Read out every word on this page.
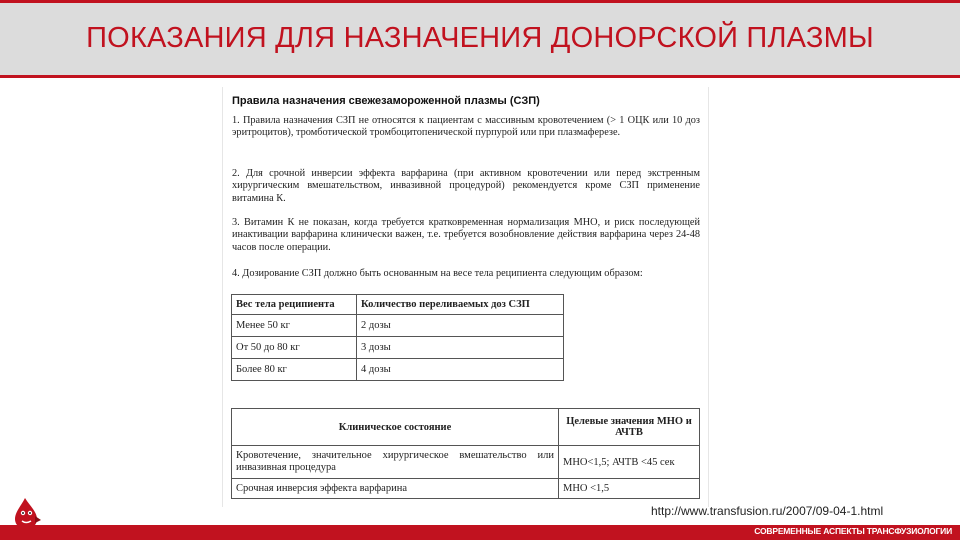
ПОКАЗАНИЯ ДЛЯ НАЗНАЧЕНИЯ ДОНОРСКОЙ ПЛАЗМЫ
Правила назначения свежезамороженной плазмы (СЗП)
1. Правила назначения СЗП не относятся к пациентам с массивным кровотечением (> 1 ОЦК или 10 доз эритроцитов), тромботической тромбоцитопенической пурпурой или при плазмаферезе.
2. Для срочной инверсии эффекта варфарина (при активном кровотечении или перед экстренным хирургическим вмешательством, инвазивной процедурой) рекомендуется кроме СЗП применение витамина К.
3. Витамин К не показан, когда требуется кратковременная нормализация МНО, и риск последующей инактивации варфарина клинически важен, т.е. требуется возобновление действия варфарина через 24-48 часов после операции.
4. Дозирование СЗП должно быть основанным на весе тела реципиента следующим образом:
Вес тела реципиента	Количество переливаемых доз СЗП
Менее 50 кг	2 дозы
От 50 до 80 кг	3 дозы
Более 80 кг	4 дозы
Клиническое состояние	Целевые значения МНО и АЧТВ
Кровотечение, значительное хирургическое вмешательство или инвазивная процедура	МНО<1,5; АЧТВ <45 сек
Срочная инверсия эффекта варфарина	МНО <1,5
http://www.transfusion.ru/2007/09-04-1.html
СОВРЕМЕННЫЕ АСПЕКТЫ ТРАНСФУЗИОЛОГИИ
